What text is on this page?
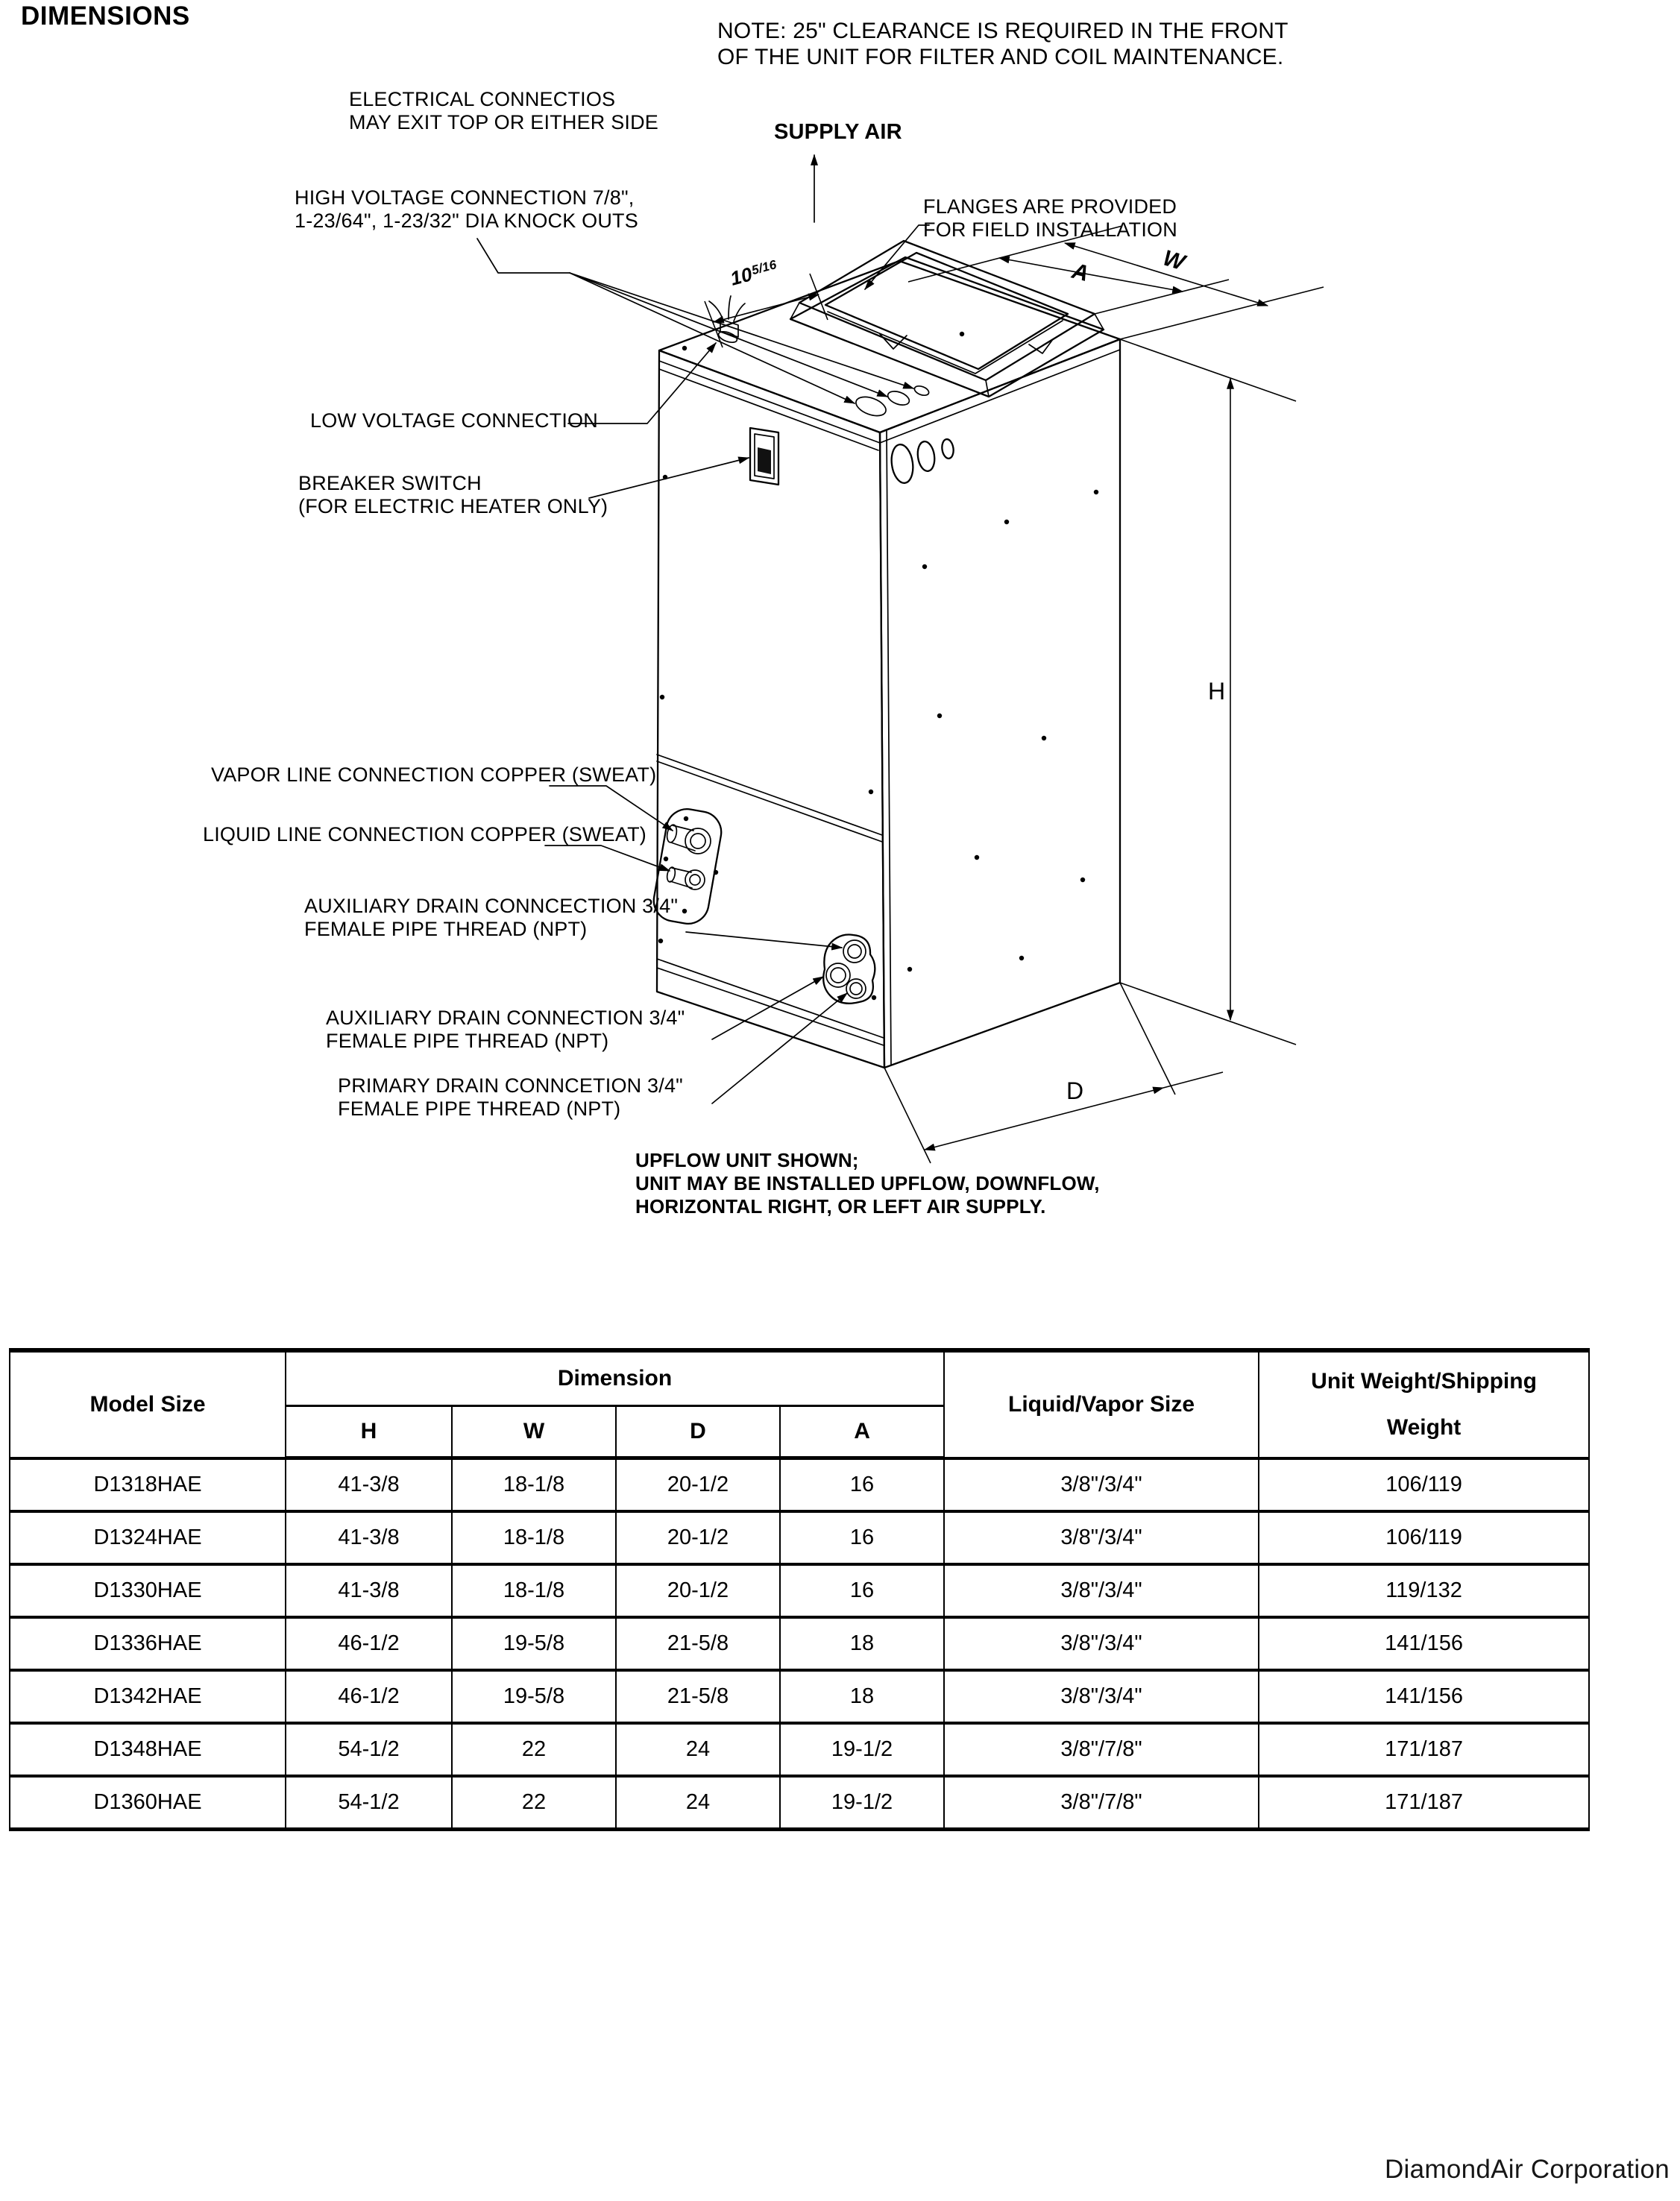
DIMENSIONS
NOTE: 25" CLEARANCE IS REQUIRED IN THE FRONT
OF THE UNIT FOR FILTER AND COIL MAINTENANCE.
ELECTRICAL CONNECTIOS
MAY EXIT TOP OR EITHER SIDE	SUPPLY AIR
HIGH VOLTAGE CONNECTION 7/8",
1-23/64", 1-23/32" DIA KNOCK OUTS
FLANGES ARE PROVIDED
FOR FIELD INSTALLATION
LOW VOLTAGE CONNECTION
BREAKER SWITCH
(FOR ELECTRIC HEATER ONLY)
VAPOR LINE CONNECTION COPPER (SWEAT)
LIQUID LINE CONNECTION COPPER (SWEAT)
AUXILIARY DRAIN CONNCECTION 3/4"
FEMALE PIPE THREAD (NPT)
AUXILIARY DRAIN CONNECTION 3/4"
FEMALE PIPE THREAD (NPT)
PRIMARY DRAIN CONNCETION 3/4"
FEMALE PIPE THREAD (NPT)
UPFLOW UNIT SHOWN;
UNIT MAY BE INSTALLED UPFLOW, DOWNFLOW,
HORIZONTAL RIGHT, OR LEFT AIR SUPPLY.
$10^{5/16}$	W
A
H
D
Model Size	Dimension				Liquid/Vapor Size	Unit Weight/Shipping
Weight

	H	W	D	A		
D1318HAE	41-3/8	18-1/8	20-1/2	16	3/8"/3/4"	106/119
D1324HAE	41-3/8	18-1/8	20-1/2	16	3/8"/3/4"	106/119
D1330HAE	41-3/8	18-1/8	20-1/2	16	3/8"/3/4"	119/132
D1336HAE	46-1/2	19-5/8	21-5/8	18	3/8"/3/4"	141/156
D1342HAE	46-1/2	19-5/8	21-5/8	18	3/8"/3/4"	141/156
D1348HAE	54-1/2	22	24	19-1/2	3/8"/7/8"	171/187
D1360HAE	54-1/2	22	24	19-1/2	3/8"/7/8"	171/187
DiamondAir Corporation
